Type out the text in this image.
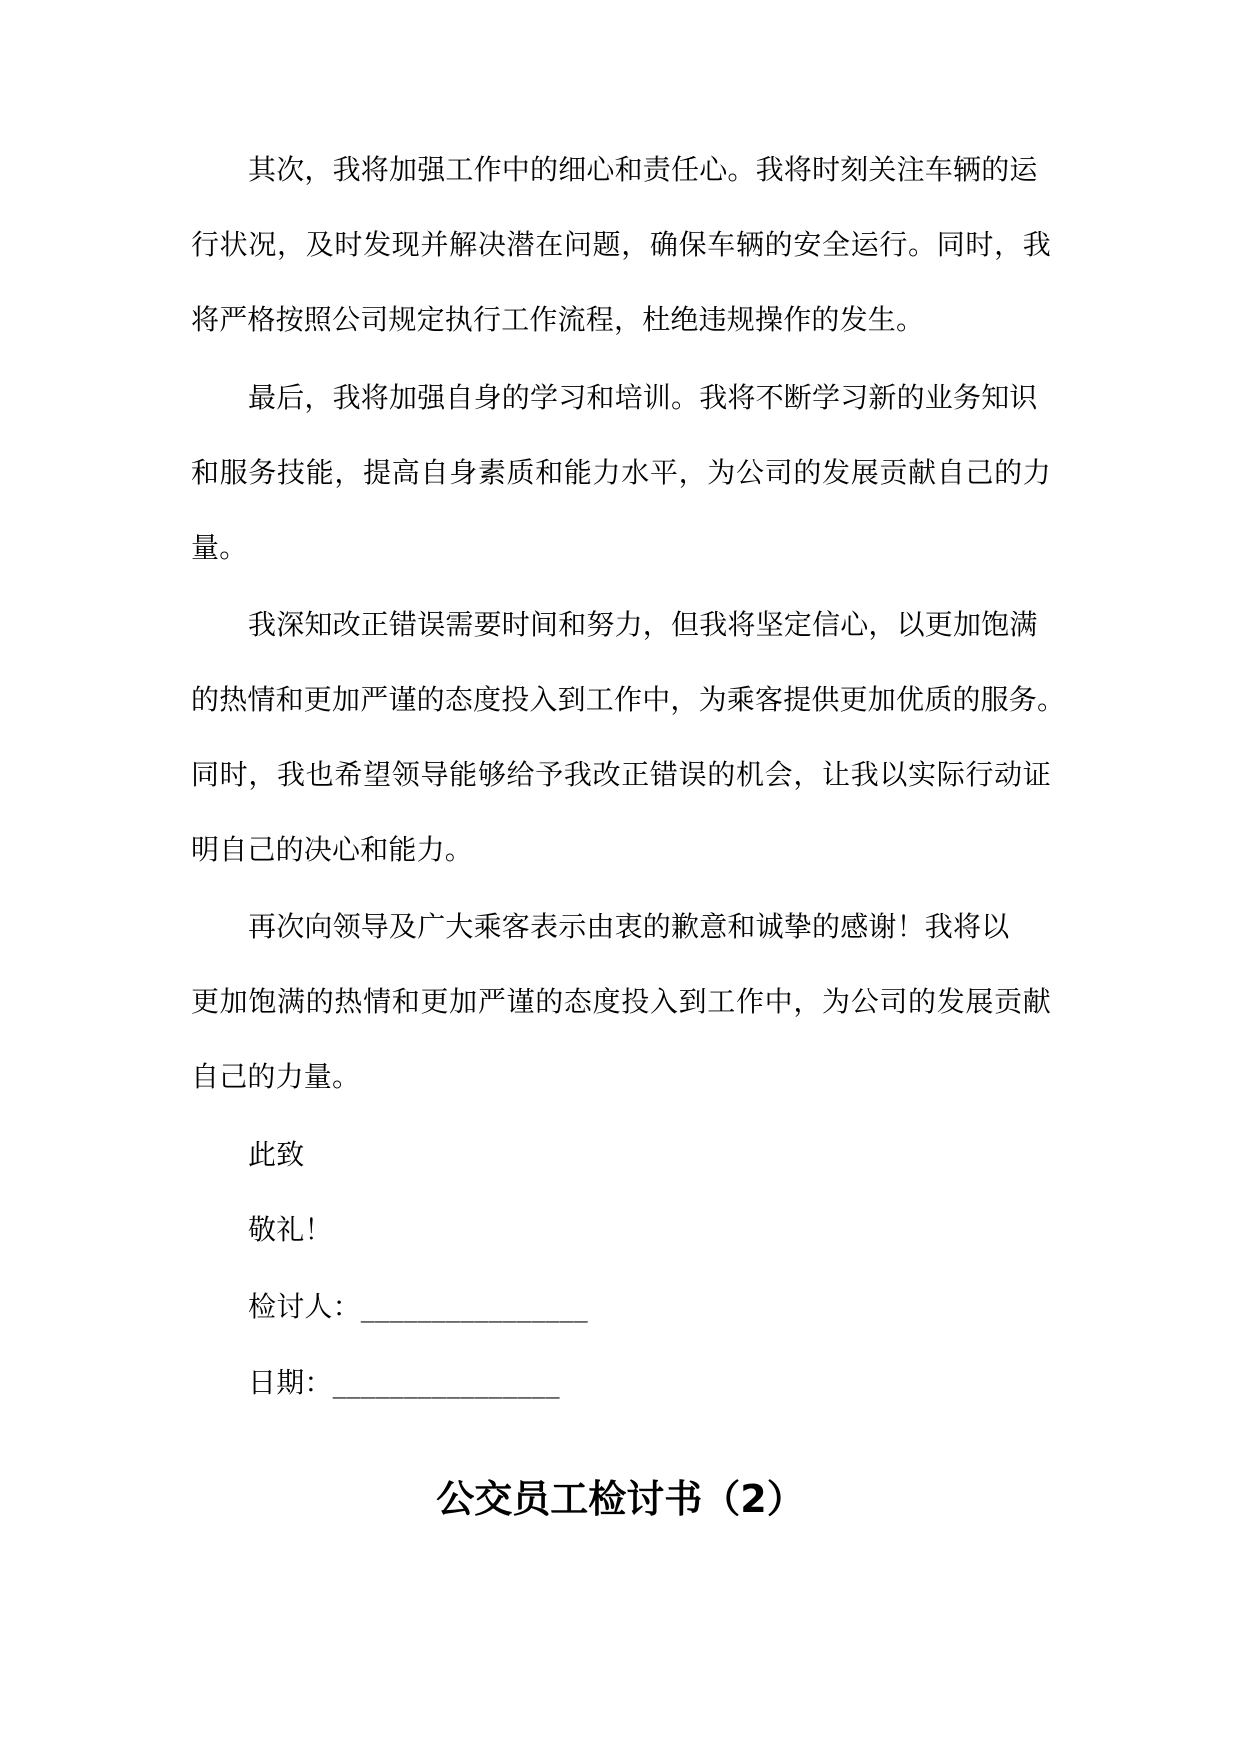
其次，我将加强工作中的细心和责任心。我将时刻关注车辆的运
行状况，及时发现并解决潜在问题，确保车辆的安全运行。同时，我
将严格按照公司规定执行工作流程，杜绝违规操作的发生。
最后，我将加强自身的学习和培训。我将不断学习新的业务知识
和服务技能，提高自身素质和能力水平，为公司的发展贡献自己的力
量。
我深知改正错误需要时间和努力，但我将坚定信心，以更加饱满
的热情和更加严谨的态度投入到工作中，为乘客提供更加优质的服务。
同时，我也希望领导能够给予我改正错误的机会，让我以实际行动证
明自己的决心和能力。
再次向领导及广大乘客表示由衷的歉意和诚挚的感谢！我将以
更加饱满的热情和更加严谨的态度投入到工作中，为公司的发展贡献
自己的力量。
此致
敬礼！
检讨人：________________
日期：________________
公交员工检讨书（2）
